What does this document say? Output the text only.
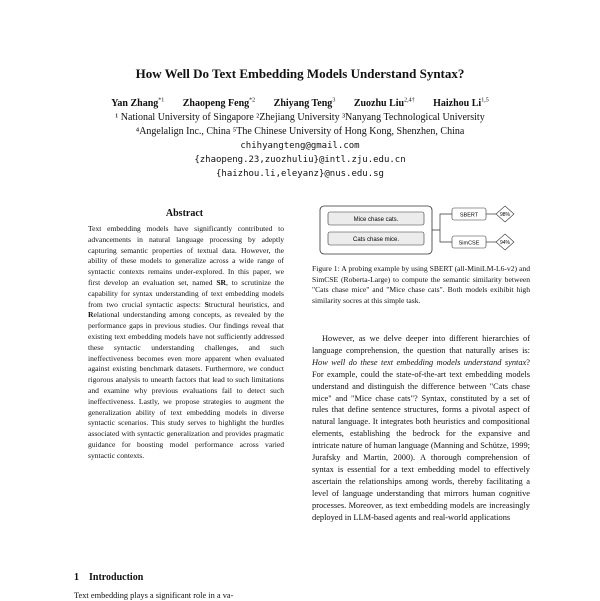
How Well Do Text Embedding Models Understand Syntax?
Yan Zhang$^{*1}$ Zhaopeng Feng$^{*2}$ Zhiyang Teng$^3$ Zuozhu Liu$^{2,4\dagger}$ Haizhou Li$^{1,5}$
¹ National University of Singapore ²Zhejiang University ³Nanyang Technological University
⁴Angelalign Inc., China ⁵The Chinese University of Hong Kong, Shenzhen, China
chihyangteng@gmail.com
{zhaopeng.23,zuozhuliu}@intl.zju.edu.cn
{haizhou.li,eleyanz}@nus.edu.sg
Abstract
Text embedding models have significantly contributed to advancements in natural language processing by adeptly capturing semantic properties of textual data. However, the ability of these models to generalize across a wide range of syntactic contexts remains under-explored. In this paper, we first develop an evaluation set, named SR, to scrutinize the capability for syntax understanding of text embedding models from two crucial syntactic aspects: Structural heuristics, and Relational understanding among concepts, as revealed by the performance gaps in previous studies. Our findings reveal that existing text embedding models have not sufficiently addressed these syntactic understanding challenges, and such ineffectiveness becomes even more apparent when evaluated against existing benchmark datasets. Furthermore, we conduct rigorous analysis to unearth factors that lead to such limitations and examine why previous evaluations fail to detect such ineffectiveness. Lastly, we propose strategies to augment the generalization ability of text embedding models in diverse syntactic scenarios. This study serves to highlight the hurdles associated with syntactic generalization and provides pragmatic guidance for boosting model performance across varied syntactic contexts.
1 Introduction
Text embedding plays a significant role in a va-
Mice chase cats.
Cats chase mice.
SBERT
SimCSE
98%
94%
Figure 1: A probing example by using SBERT (all-MiniLM-L6-v2) and SimCSE (Roberta-Large) to compute the semantic similarity between "Cats chase mice" and "Mice chase cats". Both models exihibit high similarity socres at this simple task.

However, as we delve deeper into different hierarchies of language comprehension, the question that naturally arises is: How well do these text embedding models understand syntax? For example, could the state-of-the-art text embedding models understand and distinguish the difference between "Cats chase mice" and "Mice chase cats"? Syntax, constituted by a set of rules that define sentence structures, forms a pivotal aspect of natural language. It integrates both heuristics and compositional elements, establishing the bedrock for the expansive and intricate nature of human language (Manning and Schütze, 1999; Jurafsky and Martin, 2000). A thorough comprehension of syntax is essential for a text embedding model to effectively ascertain the relationships among words, thereby facilitating a level of language understanding that mirrors human cognitive processes. Moreover, as text embedding models are increasingly deployed in LLM-based agents and real-world applications
